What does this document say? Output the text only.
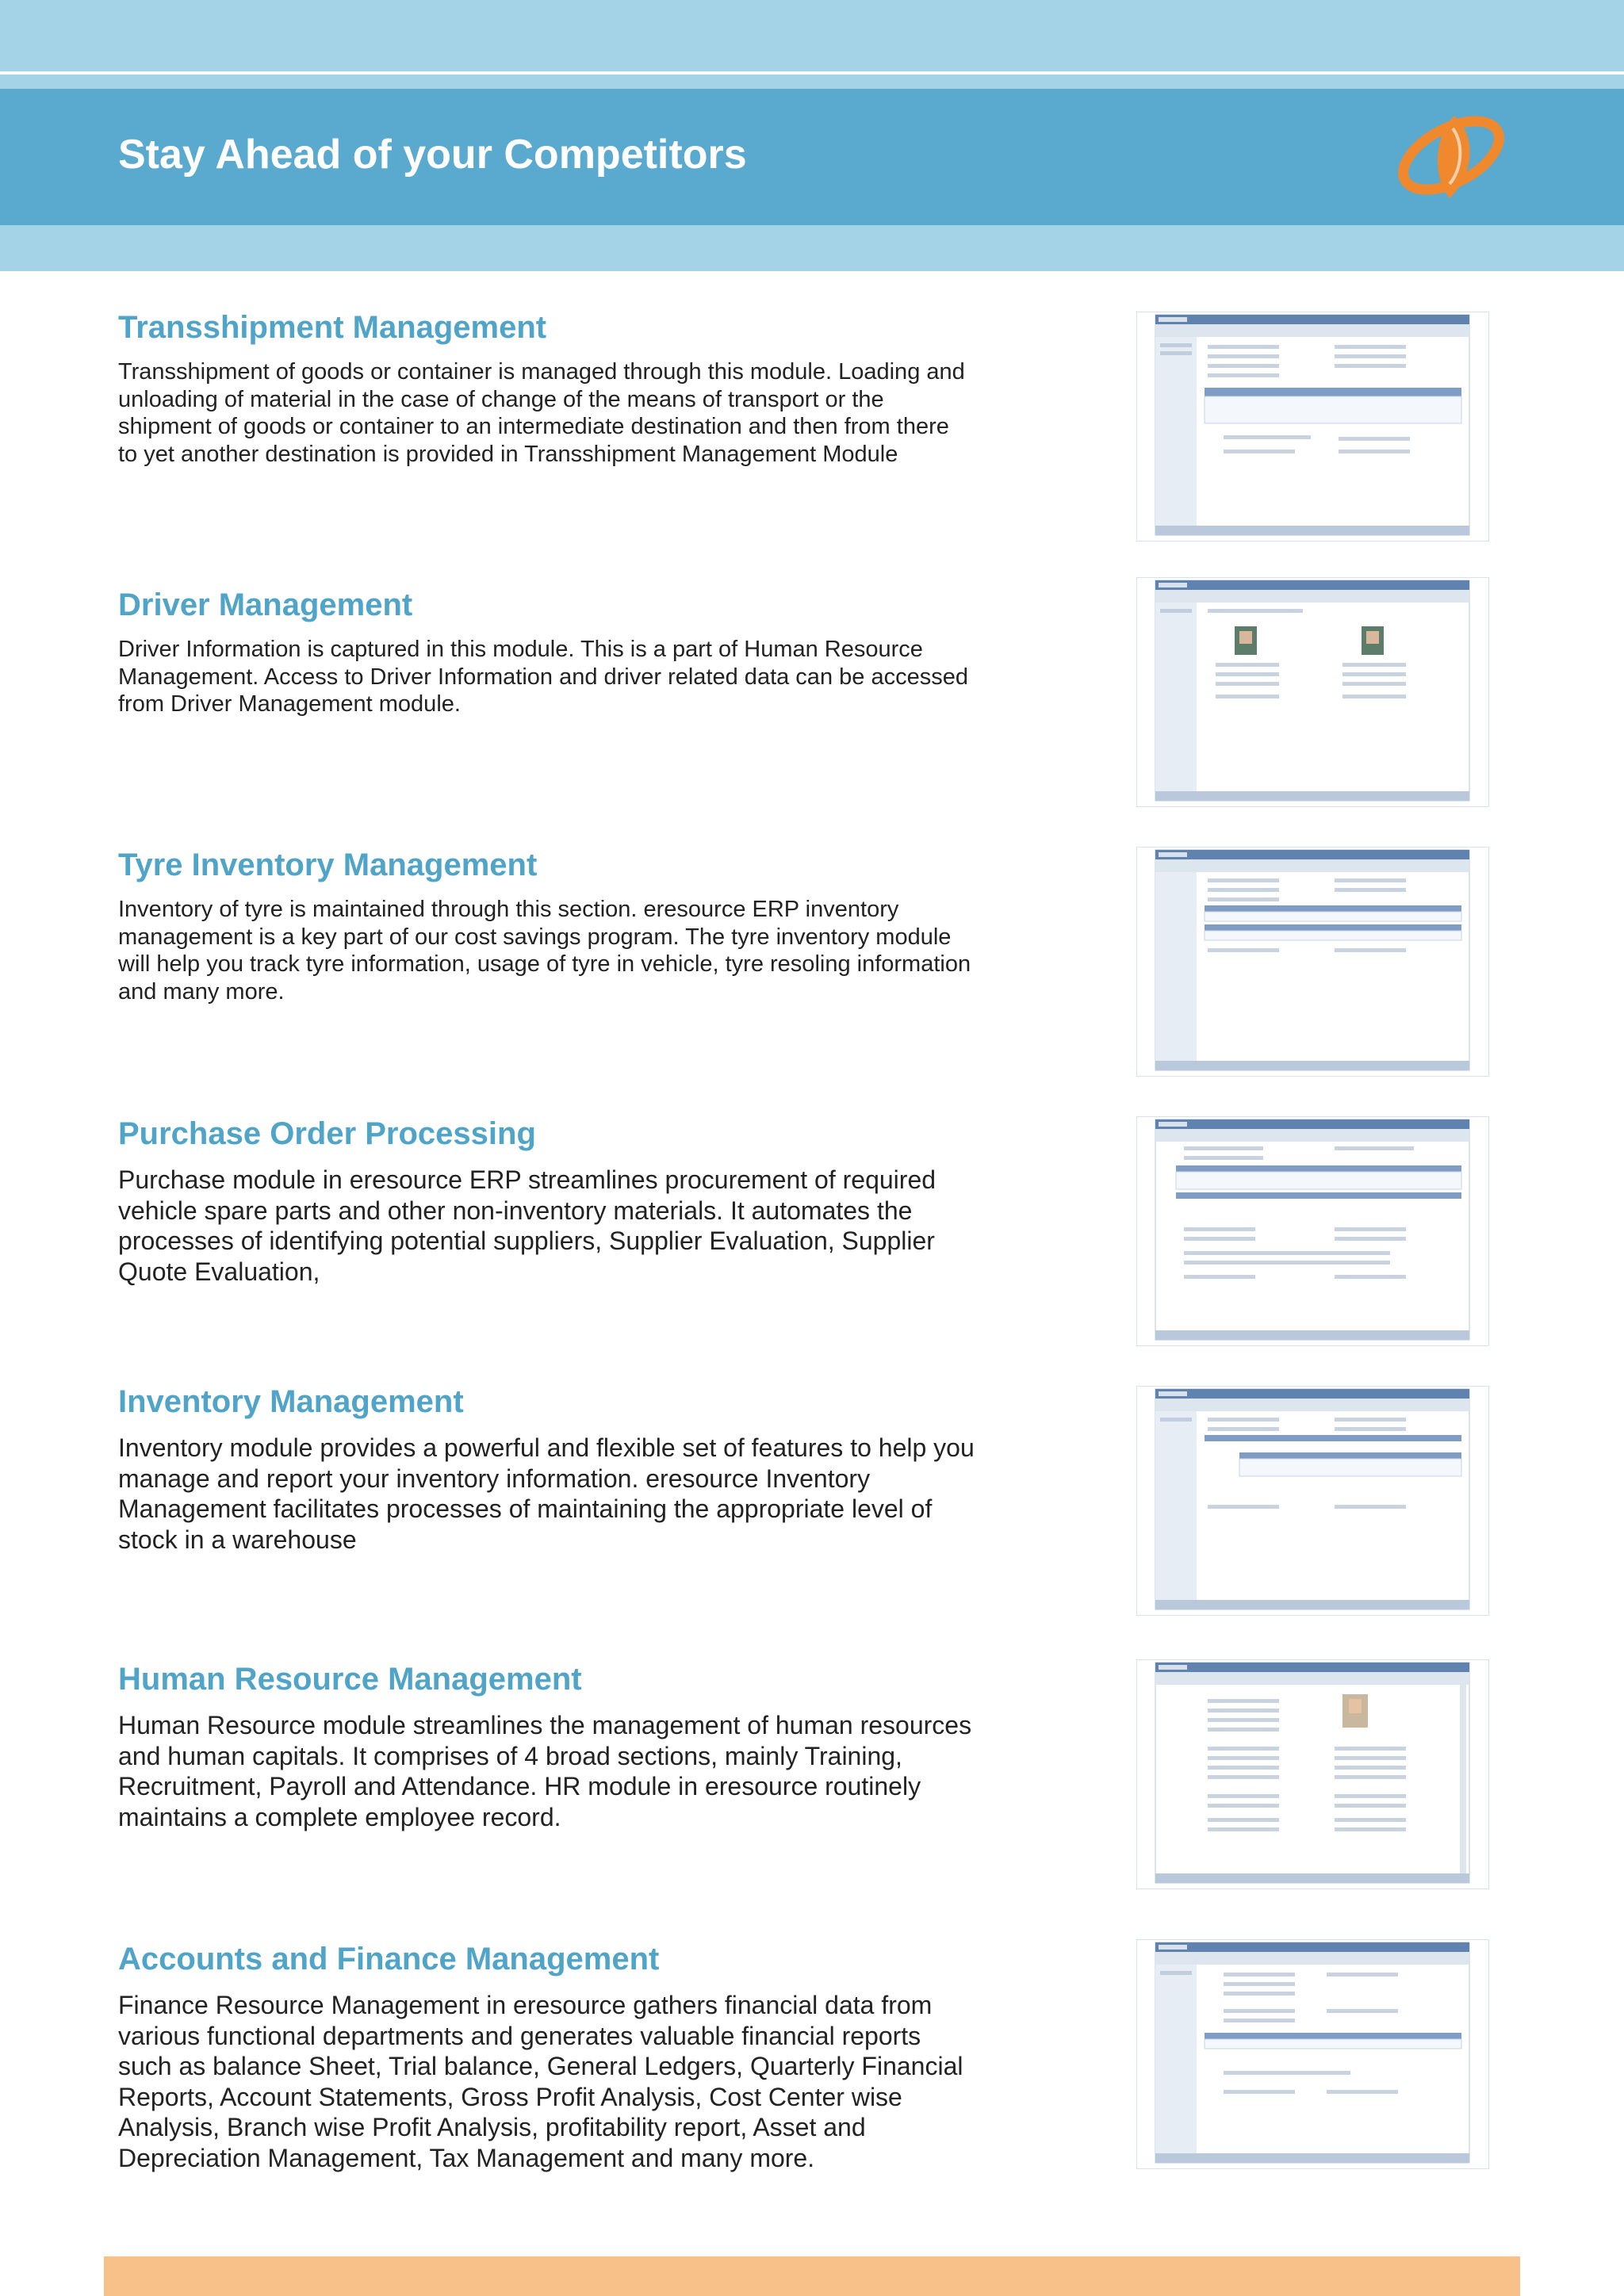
Stay Ahead of your Competitors
Transshipment Management

Transshipment of goods or container is managed through this module. Loading and unloading of material in the case of change of the means of transport or the shipment of goods or container to an intermediate destination and then from there to yet another destination is provided in Transshipment Management Module

Driver Management

Driver Information is captured in this module. This is a part of Human Resource Management. Access to Driver Information and driver related data can be accessed from Driver Management module.

Tyre Inventory Management

Inventory of tyre is maintained through this section. eresource ERP inventory management is a key part of our cost savings program. The tyre inventory module will help you track tyre information, usage of tyre in vehicle, tyre resoling information and many more.

Purchase Order Processing

Purchase module in eresource ERP streamlines procurement of required vehicle spare parts and other non-inventory materials. It automates the processes of identifying potential suppliers, Supplier Evaluation, Supplier Quote Evaluation,

Inventory Management

Inventory module provides a powerful and flexible set of features to help you manage and report your inventory information. eresource Inventory Management facilitates processes of maintaining the appropriate level of stock in a warehouse

Human Resource Management

Human Resource module streamlines the management of human resources and human capitals. It comprises of 4 broad sections, mainly Training, Recruitment, Payroll and Attendance. HR module in eresource routinely maintains a complete employee record.

Accounts and Finance Management

Finance Resource Management in eresource gathers financial data from various functional departments and generates valuable financial reports such as balance Sheet, Trial balance, General Ledgers, Quarterly Financial Reports, Account Statements, Gross Profit Analysis, Cost Center wise Analysis, Branch wise Profit Analysis, profitability report, Asset and Depreciation Management, Tax Management and many more.
